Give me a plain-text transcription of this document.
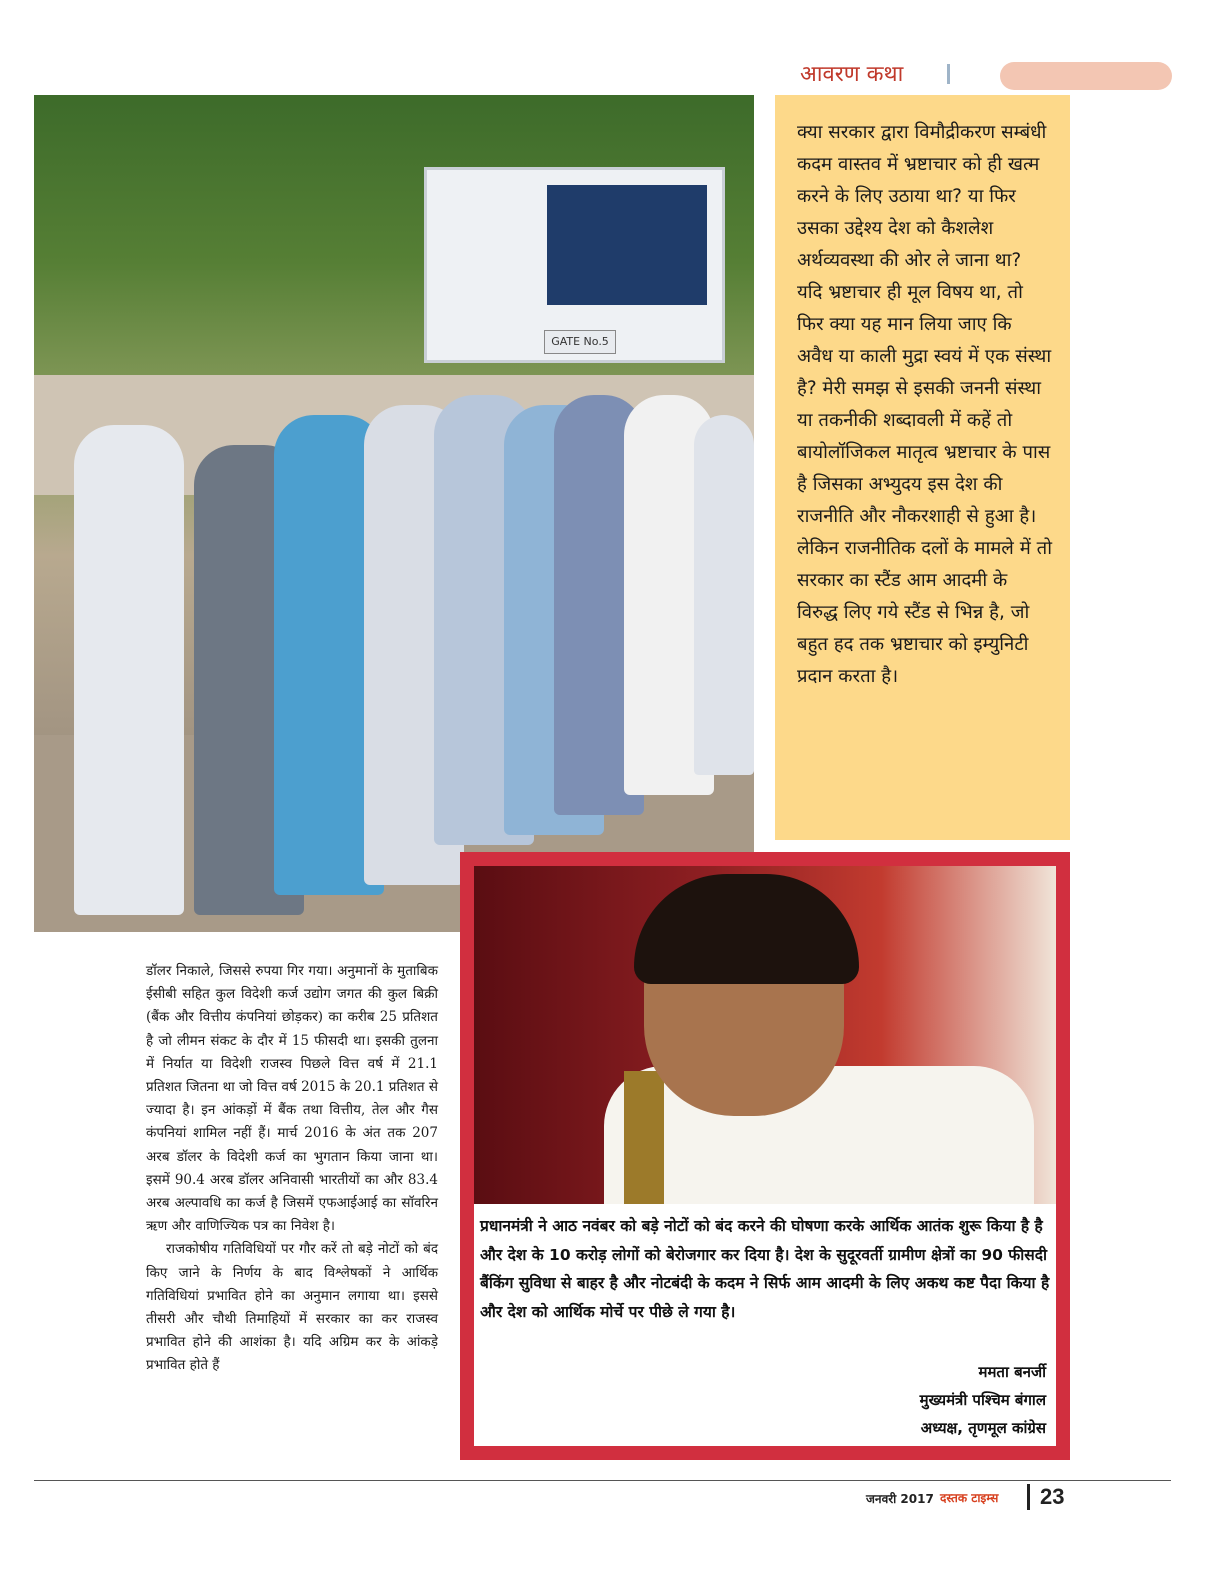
आवरण कथा
GATE No.5
क्या सरकार द्वारा विमौद्रीकरण सम्बंधी कदम वास्तव में भ्रष्टाचार को ही खत्म करने के लिए उठाया था? या फिर उसका उद्देश्य देश को कैशलेश अर्थव्यवस्था की ओर ले जाना था? यदि भ्रष्टाचार ही मूल विषय था, तो फिर क्या यह मान लिया जाए कि अवैध या काली मुद्रा स्वयं में एक संस्था है? मेरी समझ से इसकी जननी संस्था या तकनीकी शब्दावली में कहें तो बायोलॉजिकल मातृत्व भ्रष्टाचार के पास है जिसका अभ्युदय इस देश की राजनीति और नौकरशाही से हुआ है। लेकिन राजनीतिक दलों के मामले में तो सरकार का स्टैंड आम आदमी के विरुद्ध लिए गये स्टैंड से भिन्न है, जो बहुत हद तक भ्रष्टाचार को इम्युनिटी प्रदान करता है।
प्रधानमंत्री ने आठ नवंबर को बड़े नोटों को बंद करने की घोषणा करके आर्थिक आतंक शुरू किया है है और देश के 10 करोड़ लोगों को बेरोजगार कर दिया है। देश के सुदूरवर्ती ग्रामीण क्षेत्रों का 90 फीसदी बैंकिंग सुविधा से बाहर है और नोटबंदी के कदम ने सिर्फ आम आदमी के लिए अकथ कष्ट पैदा किया है और देश को आर्थिक मोर्चे पर पीछे ले गया है।
ममता बनर्जी
मुख्यमंत्री पश्चिम बंगाल
अध्यक्ष, तृणमूल कांग्रेस

डॉलर निकाले, जिससे रुपया गिर गया। अनुमानों के मुताबिक ईसीबी सहित कुल विदेशी कर्ज उद्योग जगत की कुल बिक्री (बैंक और वित्तीय कंपनियां छोड़कर) का करीब 25 प्रतिशत है जो लीमन संकट के दौर में 15 फीसदी था। इसकी तुलना में निर्यात या विदेशी राजस्व पिछले वित्त वर्ष में 21.1 प्रतिशत जितना था जो वित्त वर्ष 2015 के 20.1 प्रतिशत से ज्यादा है। इन आंकड़ों में बैंक तथा वित्तीय, तेल और गैस कंपनियां शामिल नहीं हैं। मार्च 2016 के अंत तक 207 अरब डॉलर के विदेशी कर्ज का भुगतान किया जाना था। इसमें 90.4 अरब डॉलर अनिवासी भारतीयों का और 83.4 अरब अल्पावधि का कर्ज है जिसमें एफआईआई का सॉवरिन ऋण और वाणिज्यिक पत्र का निवेश है।

राजकोषीय गतिविधियों पर गौर करें तो बड़े नोटों को बंद किए जाने के निर्णय के बाद विश्लेषकों ने आर्थिक गतिविधियां प्रभावित होने का अनुमान लगाया था। इससे तीसरी और चौथी तिमाहियों में सरकार का कर राजस्व प्रभावित होने की आशंका है। यदि अग्रिम कर के आंकड़े प्रभावित होते हैं

जनवरी 2017 दस्तक टाइम्स 23
